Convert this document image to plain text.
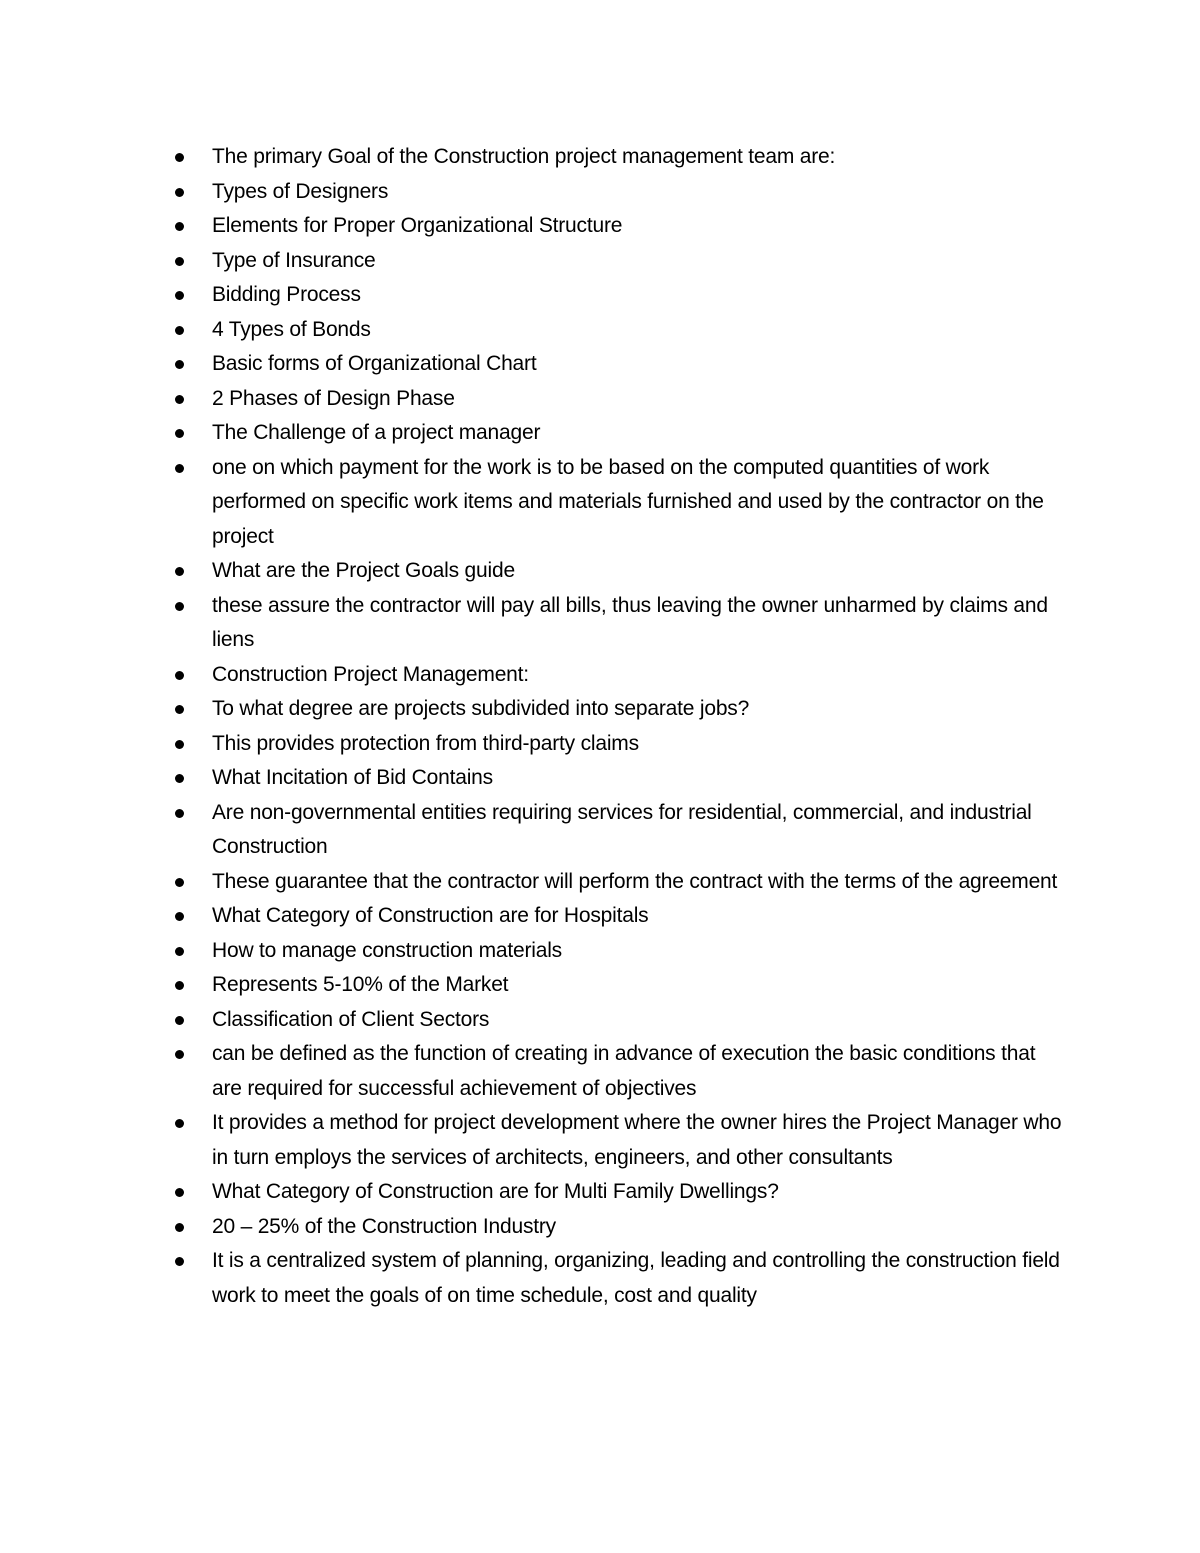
The primary Goal of the Construction project management team are:
Types of Designers
Elements for Proper Organizational Structure
Type of Insurance
Bidding Process
4 Types of Bonds
Basic forms of Organizational Chart
2 Phases of Design Phase
The Challenge of a project manager
one on which payment for the work is to be based on the computed quantities of work performed on specific work items and materials furnished and used by the contractor on the project
What are the Project Goals guide
these assure the contractor will pay all bills, thus leaving the owner unharmed by claims and liens
Construction Project Management:
To what degree are projects subdivided into separate jobs?
This provides protection from third-party claims
What Incitation of Bid Contains
Are non-governmental entities requiring services for residential, commercial, and industrial Construction
These guarantee that the contractor will perform the contract with the terms of the agreement
What Category of Construction are for Hospitals
How to manage construction materials
Represents 5-10% of the Market
Classification of Client Sectors
can be defined as the function of creating in advance of execution the basic conditions that are required for successful achievement of objectives
It provides a method for project development where the owner hires the Project Manager who in turn employs the services of architects, engineers, and other consultants
What Category of Construction are for Multi Family Dwellings?
20 – 25% of the Construction Industry
It is a centralized system of planning, organizing, leading and controlling the construction field work to meet the goals of on time schedule, cost and quality
